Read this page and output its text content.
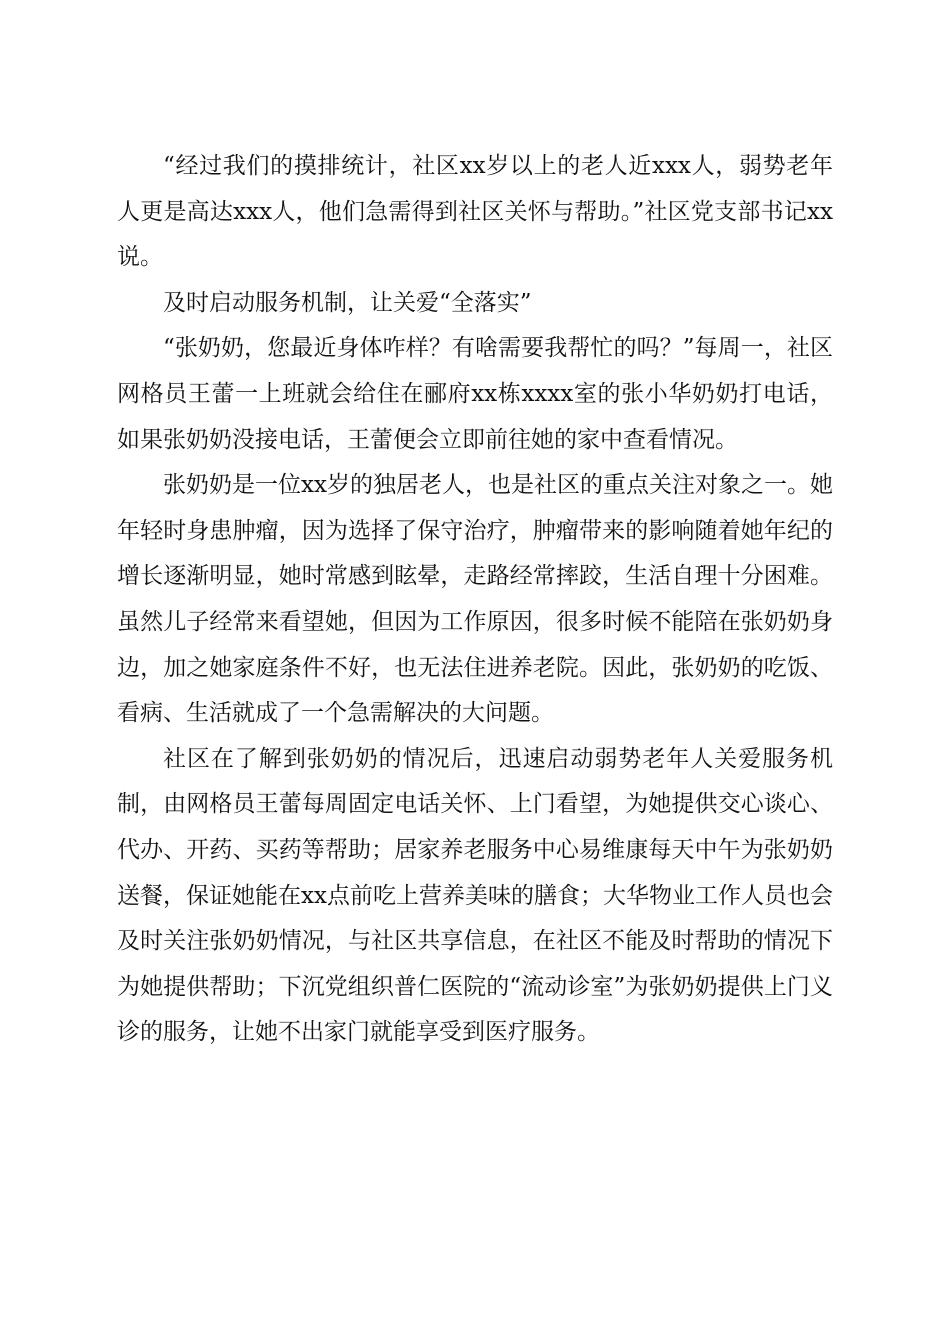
“经过我们的摸排统计，社区xx岁以上的老人近xxx人，弱势老年人更是高达xxx人，他们急需得到社区关怀与帮助。”社区党支部书记xx说。

及时启动服务机制，让关爱“全落实”

“张奶奶，您最近身体咋样？有啥需要我帮忙的吗？”每周一，社区网格员王蕾一上班就会给住在郦府xx栋xxxx室的张小华奶奶打电话，如果张奶奶没接电话，王蕾便会立即前往她的家中查看情况。

张奶奶是一位xx岁的独居老人，也是社区的重点关注对象之一。她年轻时身患肿瘤，因为选择了保守治疗，肿瘤带来的影响随着她年纪的增长逐渐明显，她时常感到眩晕，走路经常摔跤，生活自理十分困难。虽然儿子经常来看望她，但因为工作原因，很多时候不能陪在张奶奶身边，加之她家庭条件不好，也无法住进养老院。因此，张奶奶的吃饭、看病、生活就成了一个急需解决的大问题。

社区在了解到张奶奶的情况后，迅速启动弱势老年人关爱服务机制，由网格员王蕾每周固定电话关怀、上门看望，为她提供交心谈心、代办、开药、买药等帮助；居家养老服务中心易维康每天中午为张奶奶送餐，保证她能在xx点前吃上营养美味的膳食；大华物业工作人员也会及时关注张奶奶情况，与社区共享信息，在社区不能及时帮助的情况下为她提供帮助；下沉党组织普仁医院的“流动诊室”为张奶奶提供上门义诊的服务，让她不出家门就能享受到医疗服务。
